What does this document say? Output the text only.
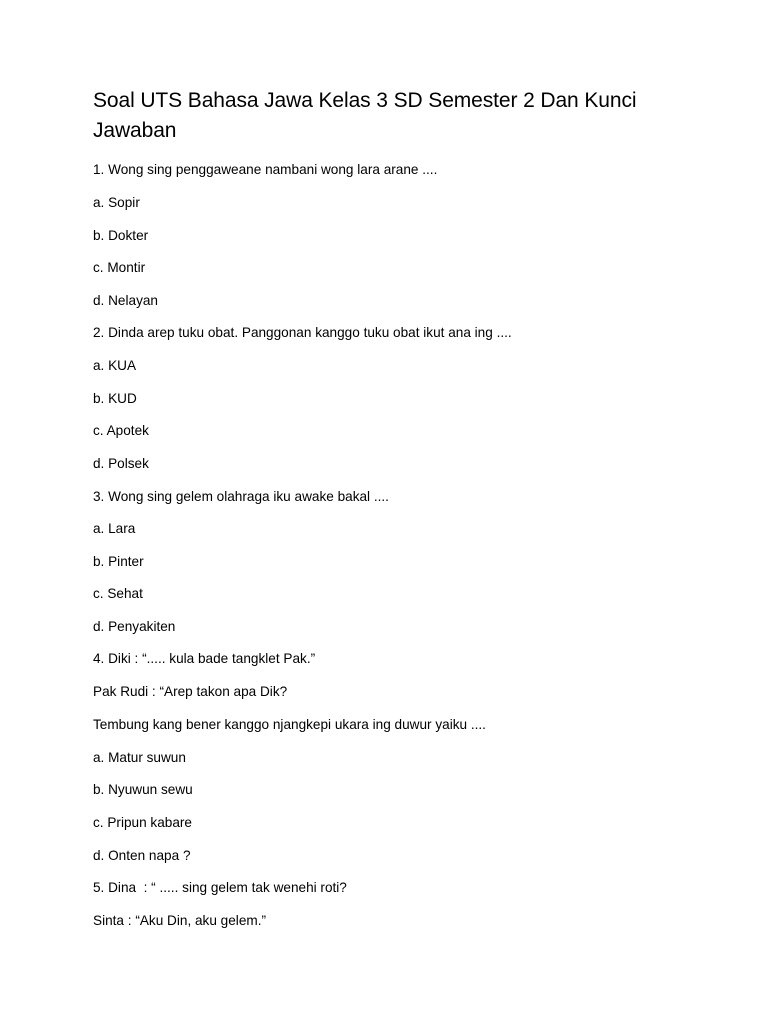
Soal UTS Bahasa Jawa Kelas 3 SD Semester 2 Dan Kunci Jawaban

1. Wong sing penggaweane nambani wong lara arane ....

a. Sopir

b. Dokter

c. Montir

d. Nelayan

2. Dinda arep tuku obat. Panggonan kanggo tuku obat ikut ana ing ....

a. KUA

b. KUD

c. Apotek

d. Polsek

3. Wong sing gelem olahraga iku awake bakal ....

a. Lara

b. Pinter

c. Sehat

d. Penyakiten

4. Diki : “..... kula bade tangklet Pak.”

Pak Rudi : “Arep takon apa Dik?

Tembung kang bener kanggo njangkepi ukara ing duwur yaiku ....

a. Matur suwun

b. Nyuwun sewu

c. Pripun kabare

d. Onten napa ?

5. Dina  : “ ..... sing gelem tak wenehi roti?

Sinta : “Aku Din, aku gelem.”
